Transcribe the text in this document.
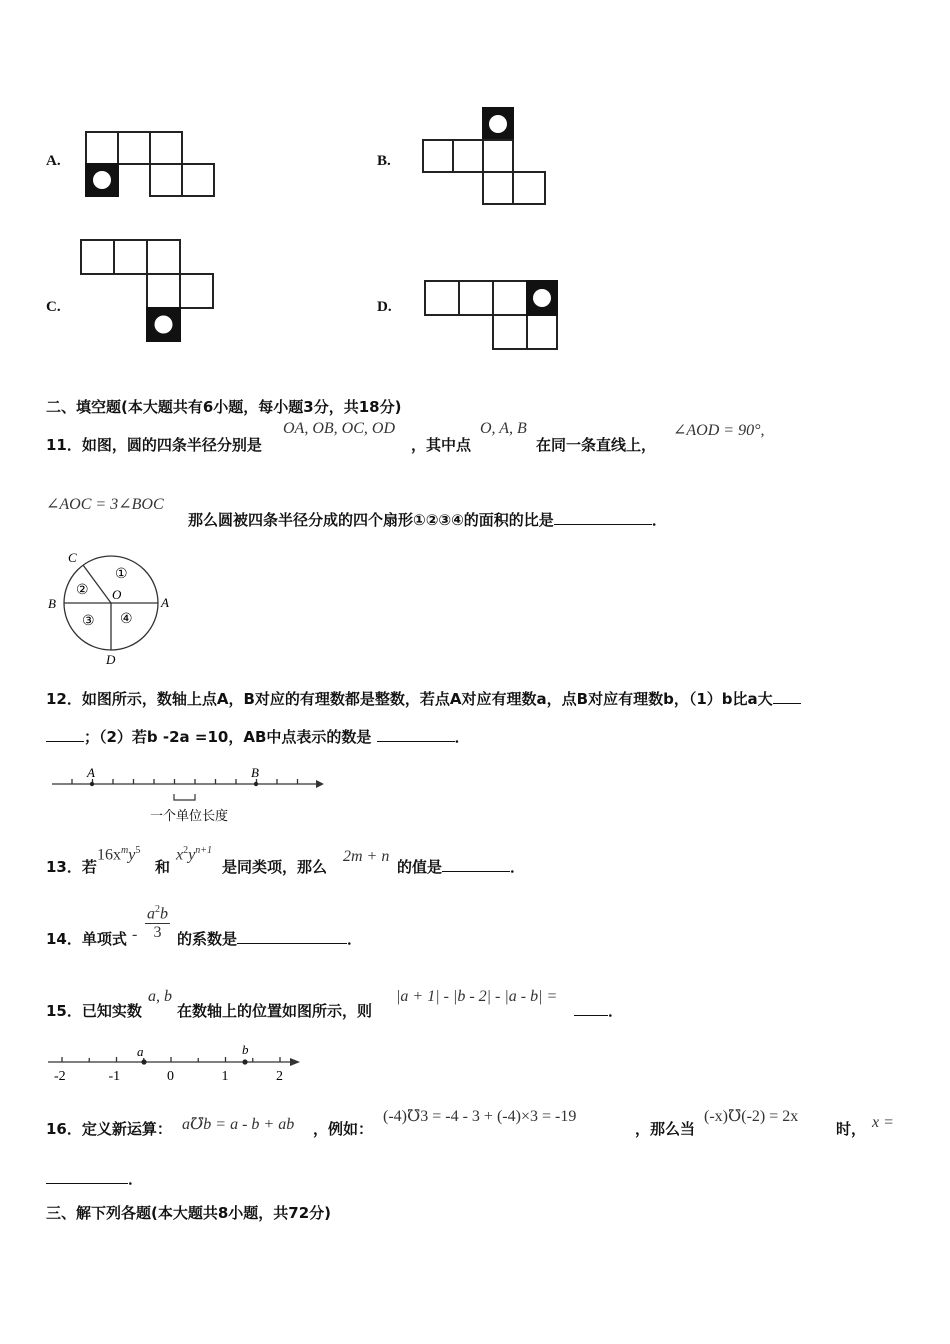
A.	B.
C.	D.
二、填空题(本大题共有6小题，每小题3分，共18分)
11．如图，圆的四条半径分别是
OA, OB, OC, OD
，其中点
O, A, B
在同一条直线上，
∠AOD = 90°,
∠AOC = 3∠BOC
那么圆被四条半径分成的四个扇形①②③④的面积的比是	．
C
B	A
O
D
①
②
③ ④
12．如图所示，数轴上点A，B对应的有理数都是整数，若点A对应有理数a，点B对应有理数b，（1）b比a大
；（2）若b -2a =10，AB中点表示的数是	．
A	B
一个单位长度
13．若
$16x^my^5$
和
$x^2y^{n+1}$
是同类项，那么
2m + n
的值是	．
14．单项式 - $\frac{a^2b}{3}$ 的系数是	．
15．已知实数
a, b
在数轴上的位置如图所示，则
|a + 1| - |b - 2| - |a - b| =
．
a	b
-2	-1	0	1	2
16．定义新运算： a℧b = a - b + ab ，例如：
(-4)℧3 = -4 - 3 + (-4)×3 = -19
，那么当
(-x)℧(-2) = 2x
时， x =
．
三、解下列各题(本大题共8小题，共72分)
